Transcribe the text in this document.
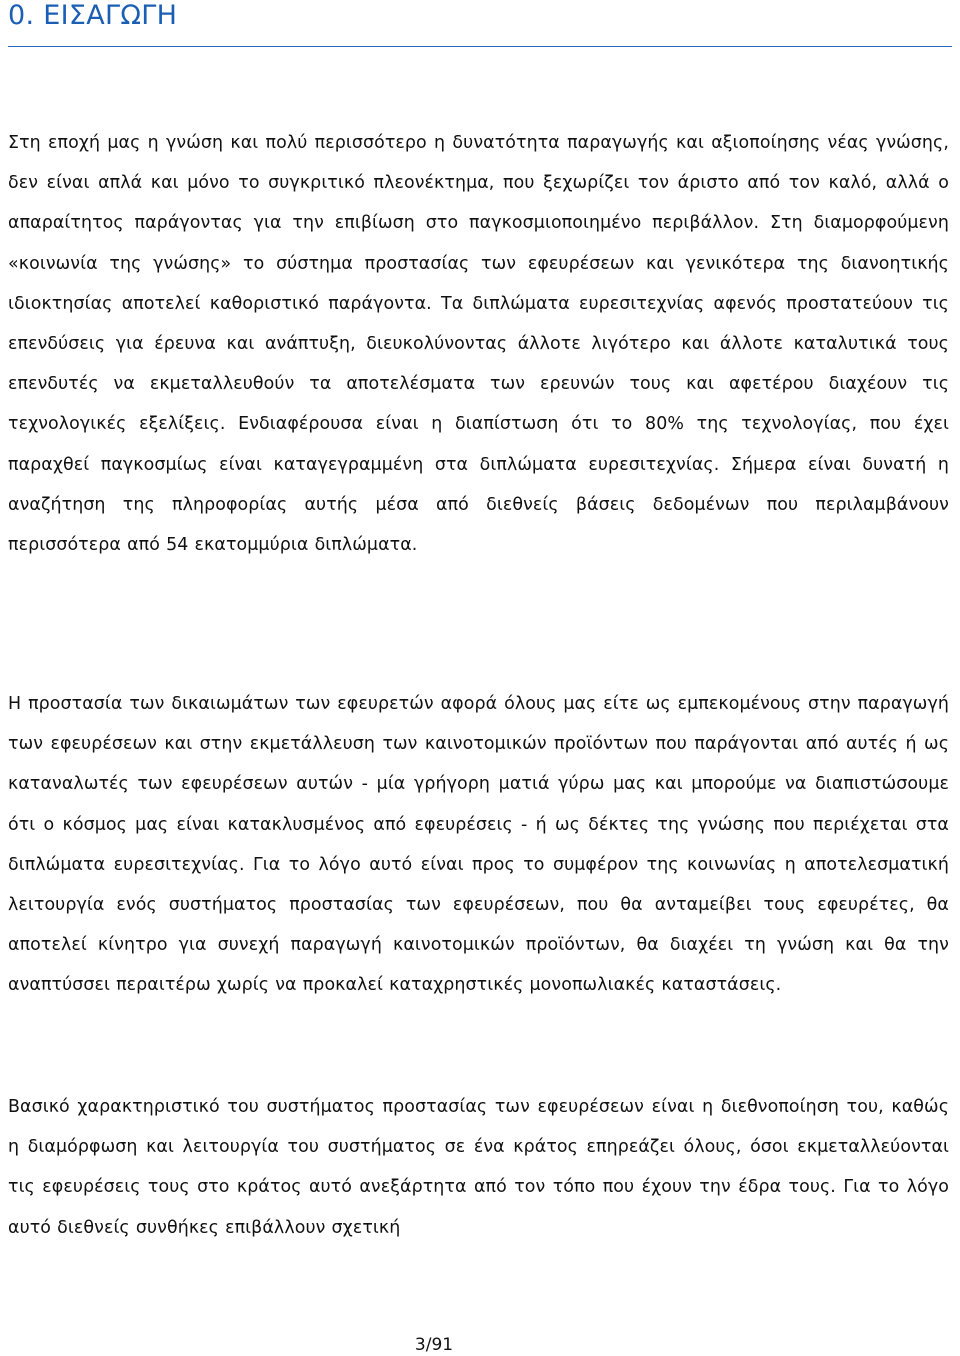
0. ΕΙΣΑΓΩΓΗ

Στη εποχή μας η γνώση και πολύ περισσότερο η δυνατότητα παραγωγής και αξιοποίησης νέας γνώσης, δεν είναι απλά και μόνο το συγκριτικό πλεονέκτημα, που ξεχωρίζει τον άριστο από τον καλό, αλλά ο απαραίτητος παράγοντας για την επιβίωση στο παγκοσμιοποιημένο περιβάλλον. Στη διαμορφούμενη «κοινωνία της γνώσης» το σύστημα προστασίας των εφευρέσεων και γενικότερα της διανοητικής ιδιοκτησίας αποτελεί καθοριστικό παράγοντα. Τα διπλώματα ευρεσιτεχνίας αφενός προστατεύουν τις επενδύσεις για έρευνα και ανάπτυξη, διευκολύνοντας άλλοτε λιγότερο και άλλοτε καταλυτικά τους επενδυτές να εκμεταλλευθούν τα αποτελέσματα των ερευνών τους και αφετέρου διαχέουν τις τεχνολογικές εξελίξεις. Ενδιαφέρουσα είναι η διαπίστωση ότι το 80% της τεχνολογίας, που έχει παραχθεί παγκοσμίως είναι καταγεγραμμένη στα διπλώματα ευρεσιτεχνίας. Σήμερα είναι δυνατή η αναζήτηση της πληροφορίας αυτής μέσα από διεθνείς βάσεις δεδομένων που περιλαμβάνουν περισσότερα από 54 εκατομμύρια διπλώματα.

Η προστασία των δικαιωμάτων των εφευρετών αφορά όλους μας είτε ως εμπεκομένους στην παραγωγή των εφευρέσεων και στην εκμετάλλευση των καινοτομικών προϊόντων που παράγονται από αυτές ή ως καταναλωτές των εφευρέσεων αυτών - μία γρήγορη ματιά γύρω μας και μπορούμε να διαπιστώσουμε ότι ο κόσμος μας είναι κατακλυσμένος από εφευρέσεις - ή ως δέκτες της γνώσης που περιέχεται στα διπλώματα ευρεσιτεχνίας. Για το λόγο αυτό είναι προς το συμφέρον της κοινωνίας η αποτελεσματική λειτουργία ενός συστήματος προστασίας των εφευρέσεων, που θα ανταμείβει τους εφευρέτες, θα αποτελεί κίνητρο για συνεχή παραγωγή καινοτομικών προϊόντων, θα διαχέει τη γνώση και θα την αναπτύσσει περαιτέρω χωρίς να προκαλεί καταχρηστικές μονοπωλιακές καταστάσεις.

Βασικό χαρακτηριστικό του συστήματος προστασίας των εφευρέσεων είναι η διεθνοποίηση του, καθώς η διαμόρφωση και λειτουργία του συστήματος σε ένα κράτος επηρεάζει όλους, όσοι εκμεταλλεύονται τις εφευρέσεις τους στο κράτος αυτό ανεξάρτητα από τον τόπο που έχουν την έδρα τους. Για το λόγο αυτό διεθνείς συνθήκες επιβάλλουν σχετική

3/91
